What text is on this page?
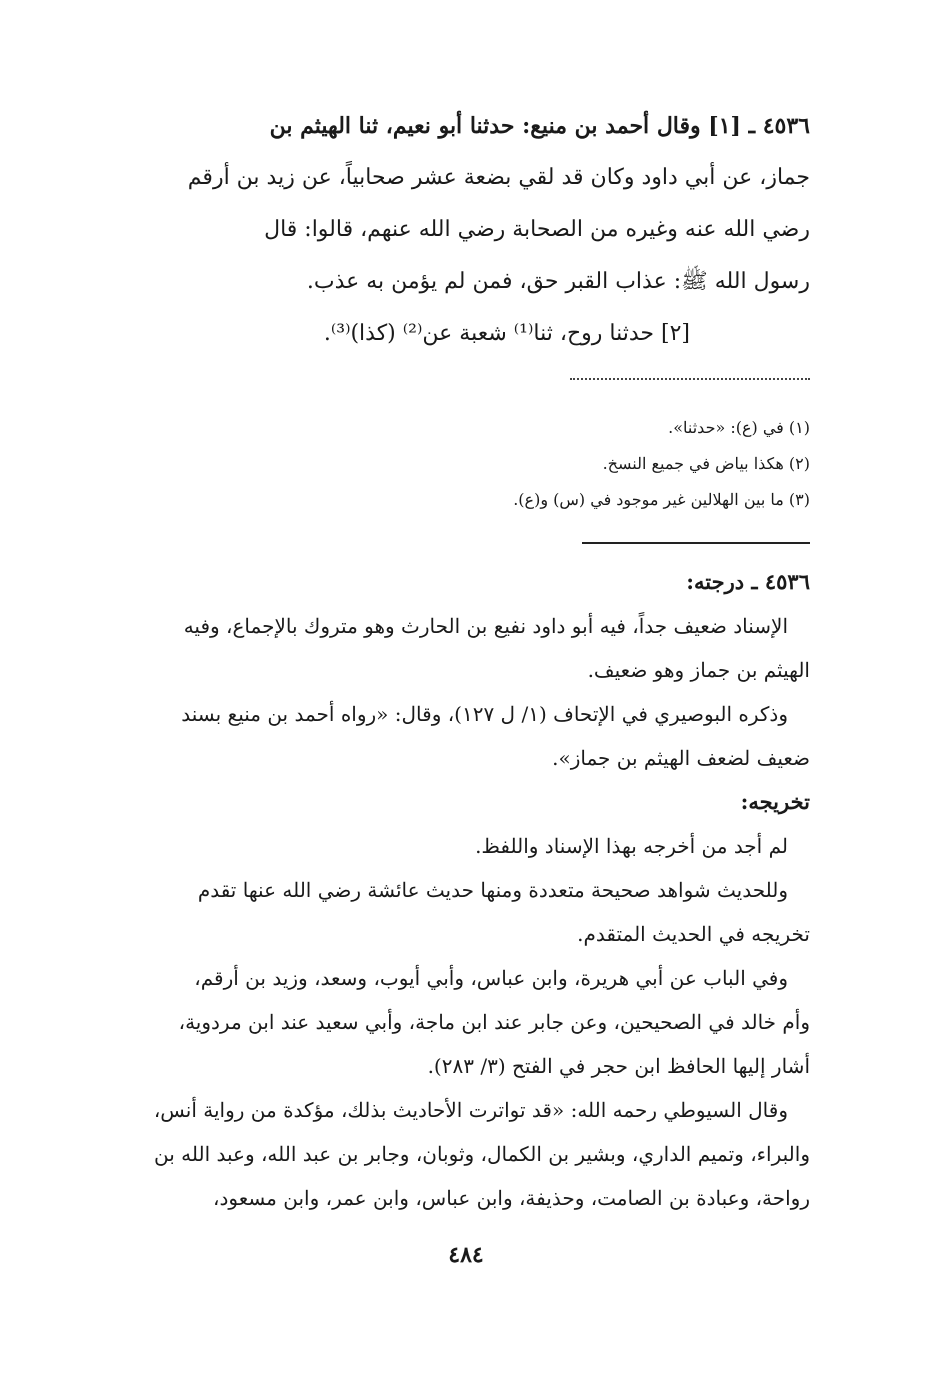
٤٥٣٦ ـ [١] وقال أحمد بن منيع: حدثنا أبو نعيم، ثنا الهيثم بن

جماز، عن أبي داود وكان قد لقي بضعة عشر صحابياً، عن زيد بن أرقم

رضي الله عنه وغيره من الصحابة رضي الله عنهم، قالوا: قال

رسول الله ﷺ: عذاب القبر حق، فمن لم يؤمن به عذب.

[٢] حدثنا روح، ثنا⁽¹⁾ شعبة عن⁽²⁾ (كذا)⁽³⁾.

(١) في (ع): «حدثنا».

(٢) هكذا بياض في جميع النسخ.

(٣) ما بين الهلالين غير موجود في (س) و(ع).

٤٥٣٦ ـ درجته:

الإسناد ضعيف جداً، فيه أبو داود نفيع بن الحارث وهو متروك بالإجماع، وفيه

الهيثم بن جماز وهو ضعيف.

وذكره البوصيري في الإتحاف (١/ ل ١٢٧)، وقال: «رواه أحمد بن منيع بسند

ضعيف لضعف الهيثم بن جماز».

تخريجه:

لم أجد من أخرجه بهذا الإسناد واللفظ.

وللحديث شواهد صحيحة متعددة ومنها حديث عائشة رضي الله عنها تقدم

تخريجه في الحديث المتقدم.

وفي الباب عن أبي هريرة، وابن عباس، وأبي أيوب، وسعد، وزيد بن أرقم،

وأم خالد في الصحيحين، وعن جابر عند ابن ماجة، وأبي سعيد عند ابن مردوية،

أشار إليها الحافظ ابن حجر في الفتح (٣/ ٢٨٣).

وقال السيوطي رحمه الله: «قد تواترت الأحاديث بذلك، مؤكدة من رواية أنس،

والبراء، وتميم الداري، وبشير بن الكمال، وثوبان، وجابر بن عبد الله، وعبد الله بن

رواحة، وعبادة بن الصامت، وحذيفة، وابن عباس، وابن عمر، وابن مسعود،

٤٨٤
